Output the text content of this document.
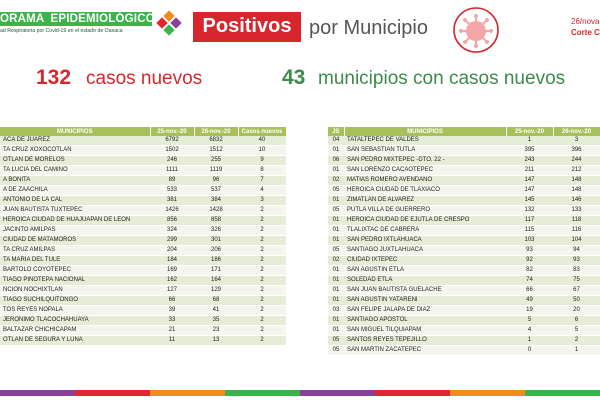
ORAMA EPIDEMIOLÓGICO
ad Respiratoria por Covid-19 en el estado de Oaxaca	Positivos por Municipio	26/nova
Corte C
132 casos nuevos	43 municipios con casos nuevos
MUNICIPIOS	25-nov.-20	26-nov.-20	Casos nuevos
ACA DE JUAREZ	6792	6832	40
TA CRUZ XOXOCOTLAN	1502	1512	10
OTLAN DE MORELOS	246	255	9
TA LUCIA DEL CAMINO	1111	1119	8
A BONITA	89	96	7
A DE ZAACHILA	533	537	4
ANTONIO DE LA CAL	381	384	3
JUAN BAUTISTA TUXTEPEC	1426	1428	2
HEROICA CIUDAD DE HUAJUAPAN DE LEON	856	858	2
JACINTO AMILPAS	324	326	2
CIUDAD DE MATAMOROS	299	301	2
TA CRUZ AMILPAS	204	206	2
TA MARIA DEL TULE	184	186	2
BARTOLO COYOTEPEC	169	171	2
TIAGO PINOTEPA NACIONAL	162	164	2
NCION NOCHIXTLAN	127	129	2
TIAGO SUCHILQUITONGO	66	68	2
TOS REYES NOPALA	39	41	2
JERONIMO TLACOCHAHUAYA	33	35	2
BALTAZAR CHICHICAPAM	21	23	2
OTLAN DE SEGURA Y LUNA	11	13	2
JS	MUNICIPIOS	25-nov.-20	26-nov.-20
04	TATALTEPEC DE VALDES	1	3
01	SAN SEBASTIAN TUTLA	395	396
06	SAN PEDRO MIXTEPEC -DTO. 22 -	243	244
01	SAN LORENZO CACAOTEPEC	211	212
02	MATIAS ROMERO AVENDAÑO	147	148
05	HEROICA CIUDAD DE TLAXIACO	147	148
01	ZIMATLAN DE ALVAREZ	145	146
05	PUTLA VILLA DE GUERRERO	132	133
01	HEROICA CIUDAD DE EJUTLA DE CRESPO	117	118
01	TLALIXTAC DE CABRERA	115	116
01	SAN PEDRO IXTLAHUACA	103	104
05	SANTIAGO JUXTLAHUACA	93	94
02	CIUDAD IXTEPEC	92	93
01	SAN AGUSTIN ETLA	82	83
01	SOLEDAD ETLA	74	75
01	SAN JUAN BAUTISTA GUELACHE	66	67
01	SAN AGUSTIN YATARENI	49	50
03	SAN FELIPE JALAPA DE DIAZ	19	20
01	SANTIAGO APOSTOL	5	6
01	SAN MIGUEL TILQUIAPAM	4	5
05	SANTOS REYES TEPEJILLO	1	2
05	SAN MARTIN ZACATEPEC	0	1
